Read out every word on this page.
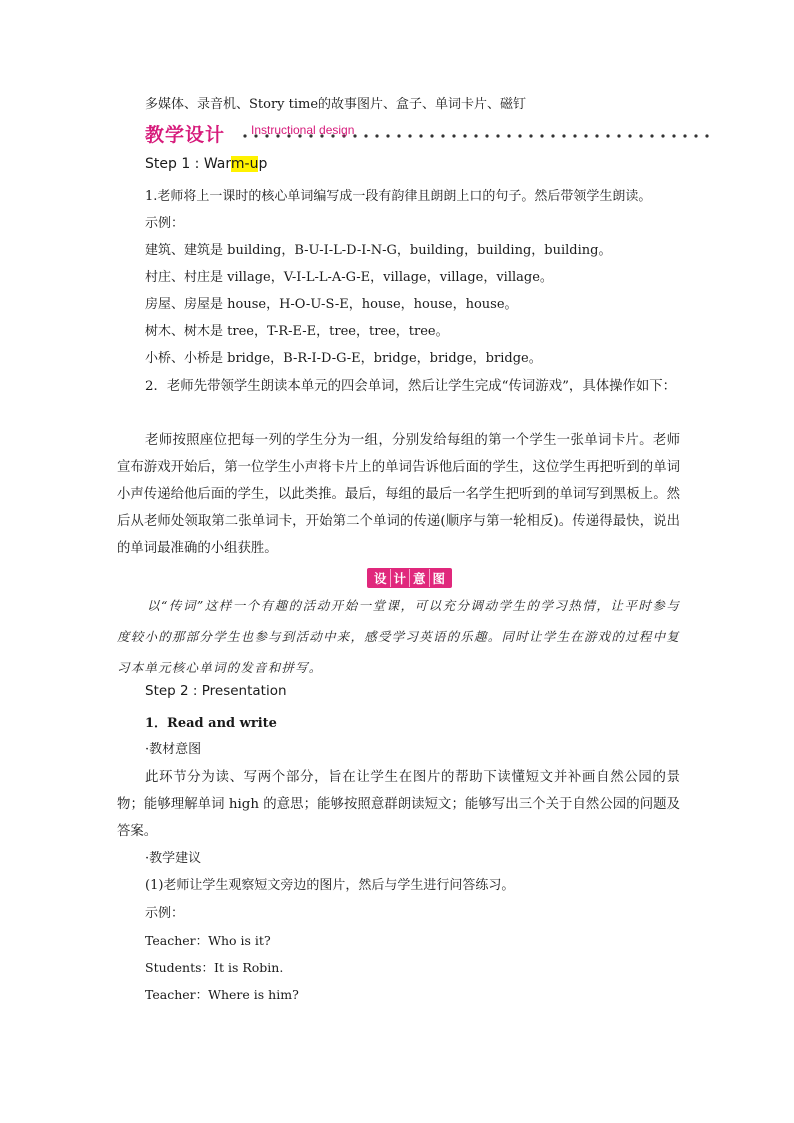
多媒体、录音机、Story time的故事图片、盒子、单词卡片、磁钉
教学设计 Instructional design
Step 1 : Warm-up
1.老师将上一课时的核心单词编写成一段有韵律且朗朗上口的句子。然后带领学生朗读。
示例：
建筑、建筑是 building，B-U-I-L-D-I-N-G，building，building，building。
村庄、村庄是 village，V-I-L-L-A-G-E，village，village，village。
房屋、房屋是 house，H-O-U-S-E，house，house，house。
树木、树木是 tree，T-R-E-E，tree，tree，tree。
小桥、小桥是 bridge，B-R-I-D-G-E，bridge，bridge，bridge。
2．老师先带领学生朗读本单元的四会单词，然后让学生完成“传词游戏”，具体操作如下：
老师按照座位把每一列的学生分为一组，分别发给每组的第一个学生一张单词卡片。老师宣布游戏开始后，第一位学生小声将卡片上的单词告诉他后面的学生，这位学生再把听到的单词小声传递给他后面的学生，以此类推。最后，每组的最后一名学生把听到的单词写到黑板上。然后从老师处领取第二张单词卡，开始第二个单词的传递(顺序与第一轮相反)。传递得最快，说出的单词最准确的小组获胜。
设 计 意 图
以“传词”这样一个有趣的活动开始一堂课，可以充分调动学生的学习热情，让平时参与度较小的那部分学生也参与到活动中来，感受学习英语的乐趣。同时让学生在游戏的过程中复习本单元核心单词的发音和拼写。
Step 2 : Presentation
1．Read and write
·教材意图
此环节分为读、写两个部分，旨在让学生在图片的帮助下读懂短文并补画自然公园的景物；能够理解单词 high 的意思；能够按照意群朗读短文；能够写出三个关于自然公园的问题及答案。
·教学建议
(1)老师让学生观察短文旁边的图片，然后与学生进行问答练习。
示例：
Teacher：Who is it?
Students：It is Robin.
Teacher：Where is him?
